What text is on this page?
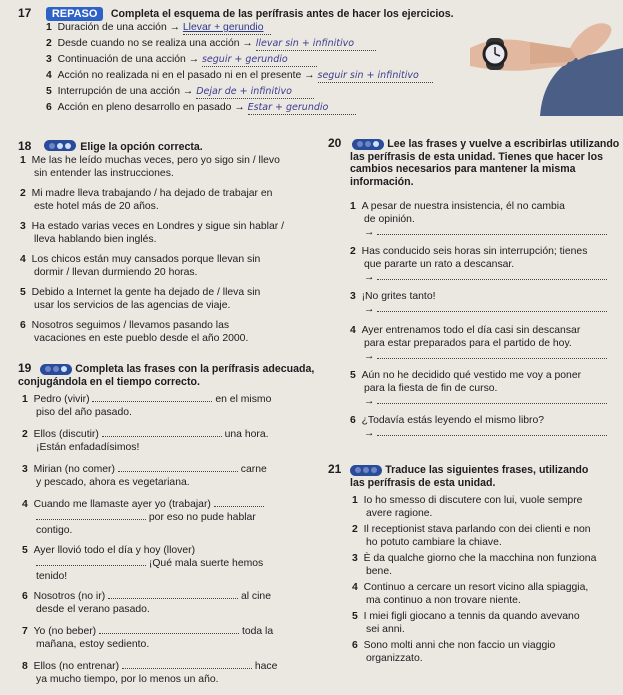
17 REPASO Completa el esquema de las perífrasis antes de hacer los ejercicios.
1 Duración de una acción → Llevar + gerundio
2 Desde cuando no se realiza una acción → llevar sin + infinitivo
3 Continuación de una acción → seguir + gerundio
4 Acción no realizada ni en el pasado ni en el presente → seguir sin + infinitivo
5 Interrupción de una acción → Dejar de + infinitivo
6 Acción en pleno desarrollo en pasado → Estar + gerundio
18	Elige la opción correcta.
1 Me las he leído muchas veces, pero yo sigo sin / llevo
sin entender las instrucciones.
2 Mi madre lleva trabajando / ha dejado de trabajar en
este hotel más de 20 años.
3 Ha estado varias veces en Londres y sigue sin hablar /
lleva hablando bien inglés.
4 Los chicos están muy cansados porque llevan sin
dormir / llevan durmiendo 20 horas.
5 Debido a Internet la gente ha dejado de / lleva sin
usar los servicios de las agencias de viaje.
6 Nosotros seguimos / llevamos pasando las
vacaciones en este pueblo desde el año 2000.
20	Lee las frases y vuelve a escribirlas utilizando
las perífrasis de esta unidad. Tienes que hacer los
cambios necesarios para mantener la misma
información.
1 A pesar de nuestra insistencia, él no cambia
de opinión.
→
2 Has conducido seis horas sin interrupción; tienes
que pararte un rato a descansar.
→
3 ¡No grites tanto!
→
4 Ayer entrenamos todo el día casi sin descansar
para estar preparados para el partido de hoy.
→
5 Aún no he decidido qué vestido me voy a poner
para la fiesta de fin de curso.
→
6 ¿Todavía estás leyendo el mismo libro?
→
19	Completa las frases con la perífrasis adecuada,
conjugándola en el tiempo correcto.
1 Pedro (vivir)	en el mismo
piso del año pasado.
2 Ellos (discutir)	una hora.
¡Están enfadadísimos!
3 Mirian (no comer)	carne
y pescado, ahora es vegetariana.
4 Cuando me llamaste ayer yo (trabajar)
por eso no pude hablar
contigo.
5 Ayer llovió todo el día y hoy (llover)
¡Qué mala suerte hemos
tenido!
6 Nosotros (no ir)	al cine
desde el verano pasado.
7 Yo (no beber)	toda la
mañana, estoy sediento.
8 Ellos (no entrenar)	hace
ya mucho tiempo, por lo menos un año.
21	Traduce las siguientes frases, utilizando
las perífrasis de esta unidad.
1 Io ho smesso di discutere con lui, vuole sempre
avere ragione.
2 Il receptionist stava parlando con dei clienti e non
ho potuto cambiare la chiave.
3 È da qualche giorno che la macchina non funziona
bene.
4 Continuo a cercare un resort vicino alla spiaggia,
ma continuo a non trovare niente.
5 I miei figli giocano a tennis da quando avevano
sei anni.
6 Sono molti anni che non faccio un viaggio
organizzato.
